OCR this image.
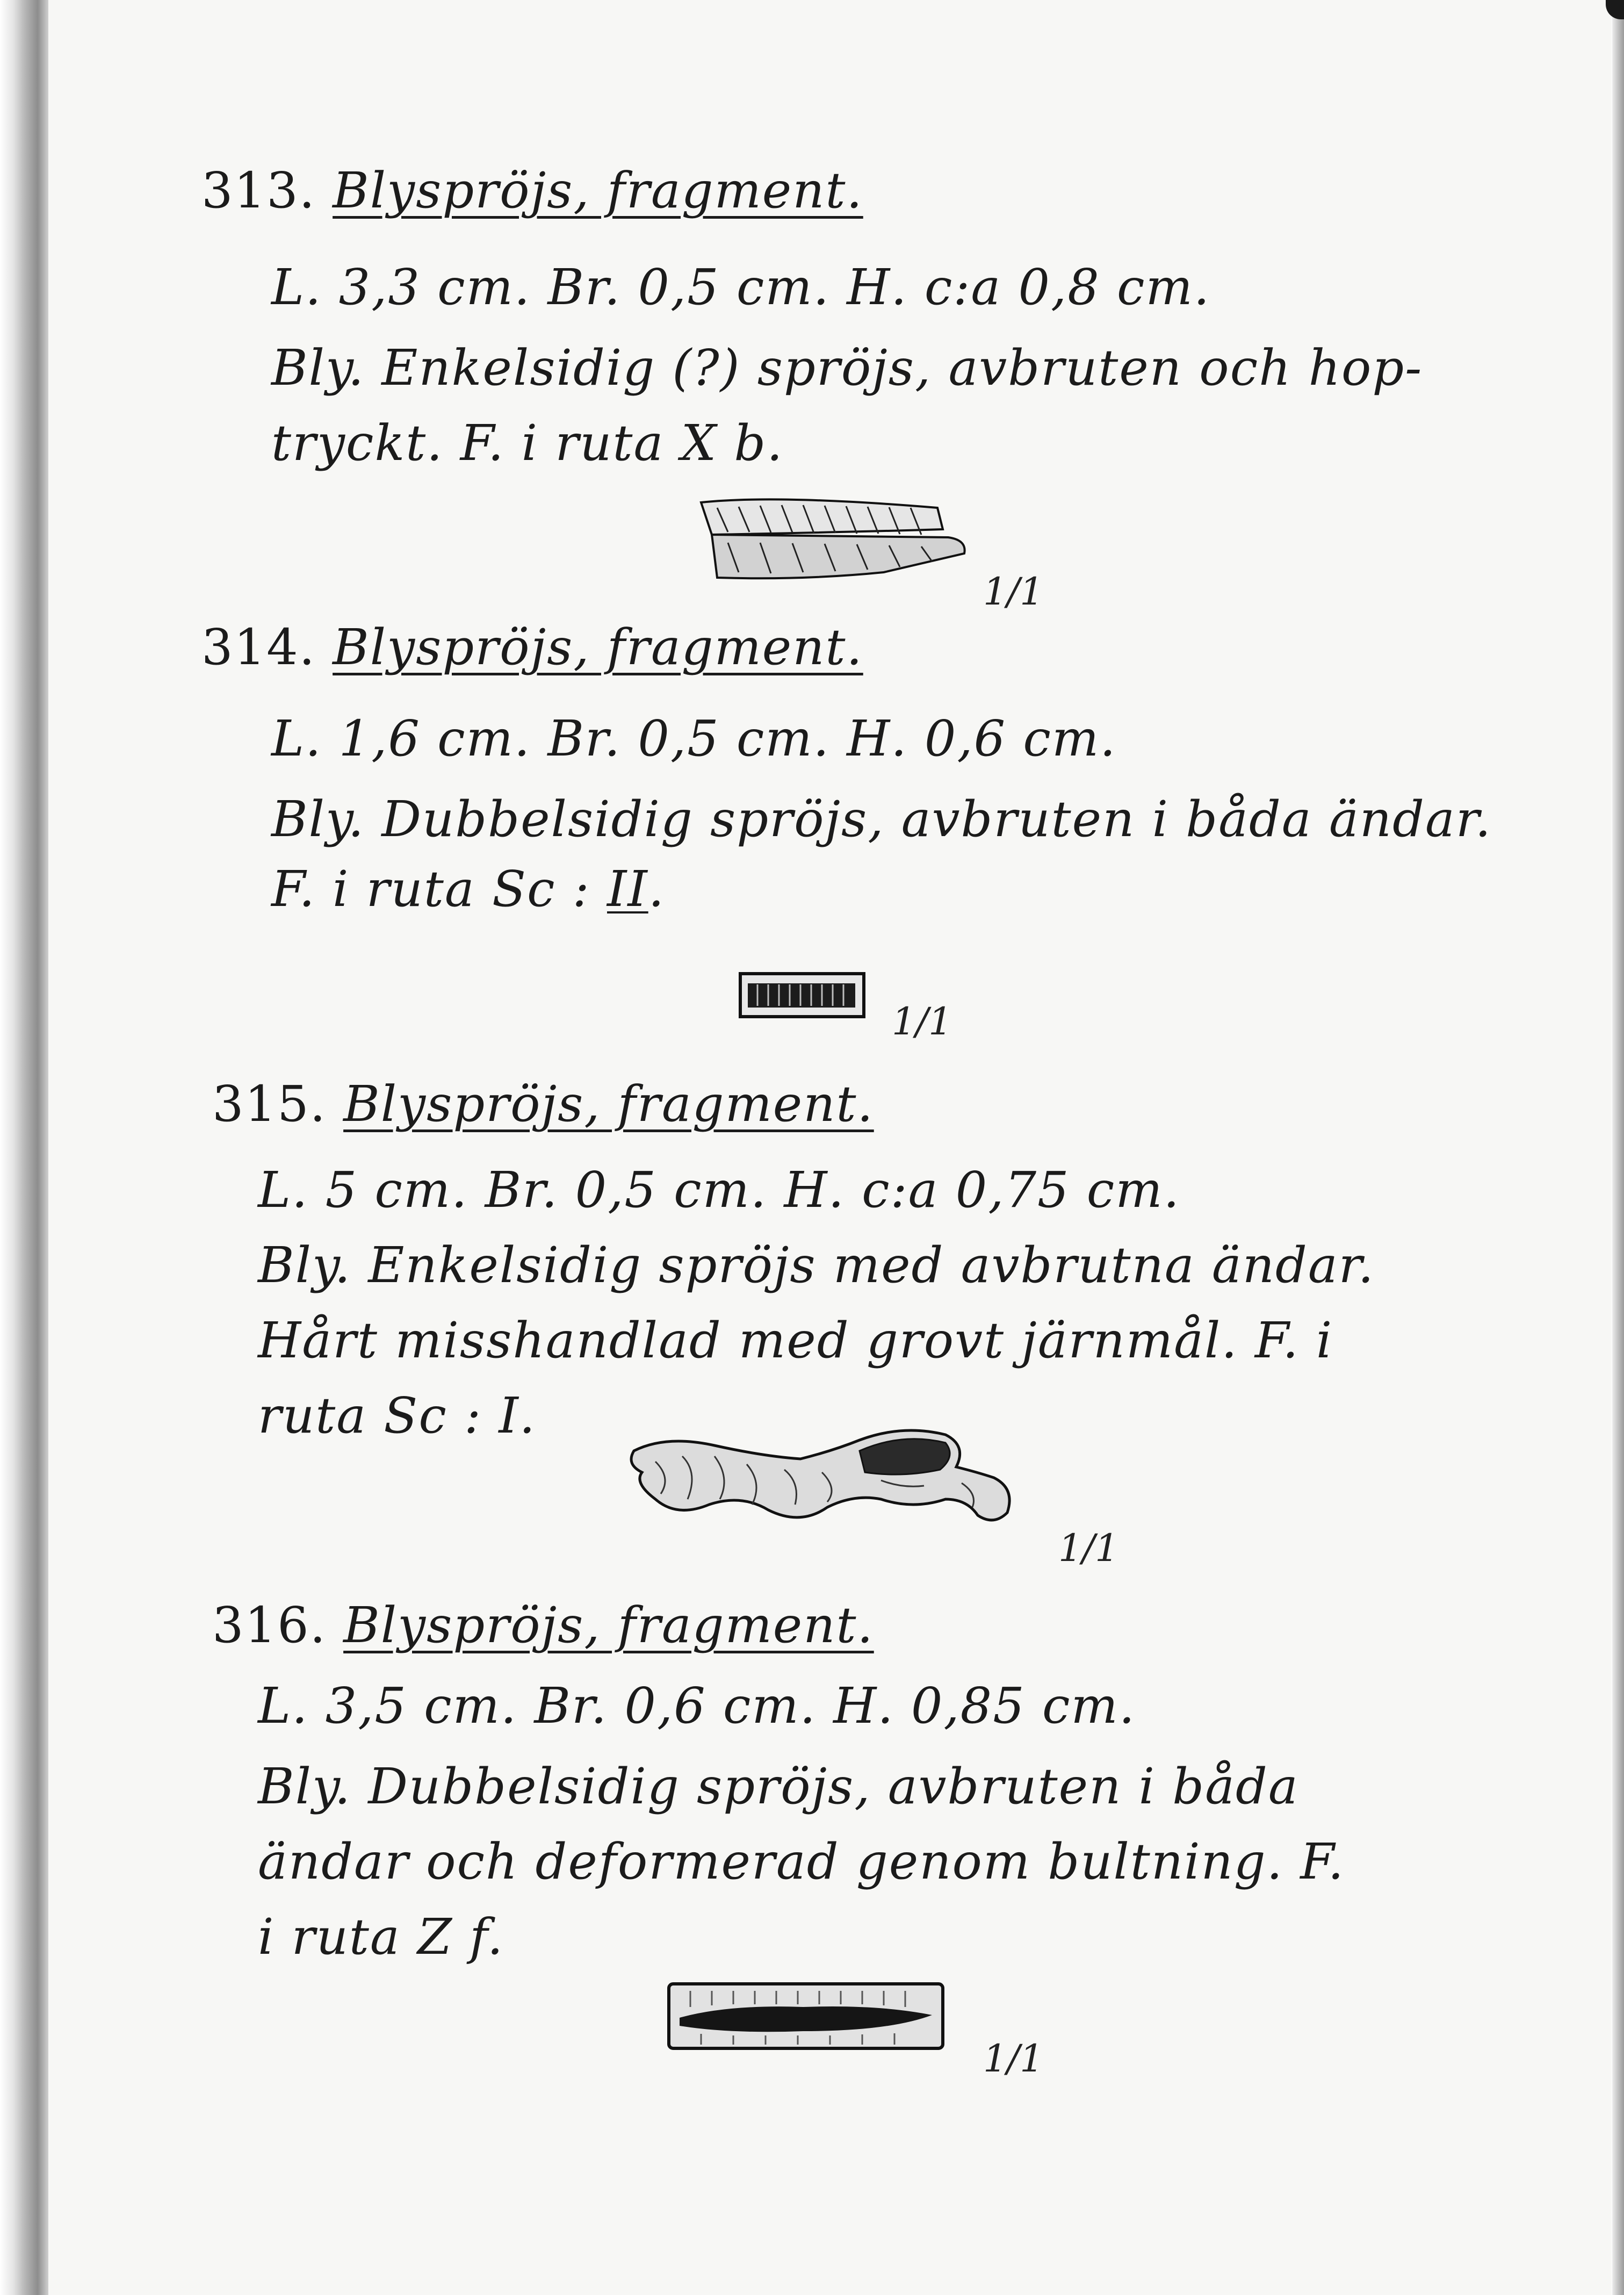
313. Blyspröjs, fragment.
L. 3,3 cm. Br. 0,5 cm. H. c:a 0,8 cm.
Bly. Enkelsidig (?) spröjs, avbruten och hop-
tryckt. F. i ruta X b.
1/1
314. Blyspröjs, fragment.
L. 1,6 cm. Br. 0,5 cm. H. 0,6 cm.
Bly. Dubbelsidig spröjs, avbruten i båda ändar.
F. i ruta Sc : II.
1/1
315. Blyspröjs, fragment.
L. 5 cm. Br. 0,5 cm. H. c:a 0,75 cm.
Bly. Enkelsidig spröjs med avbrutna ändar.
Hårt misshandlad med grovt järnmål. F. i
ruta Sc : I.
1/1
316. Blyspröjs, fragment.
L. 3,5 cm. Br. 0,6 cm. H. 0,85 cm.
Bly. Dubbelsidig spröjs, avbruten i båda
ändar och deformerad genom bultning. F.
i ruta Z f.
1/1
